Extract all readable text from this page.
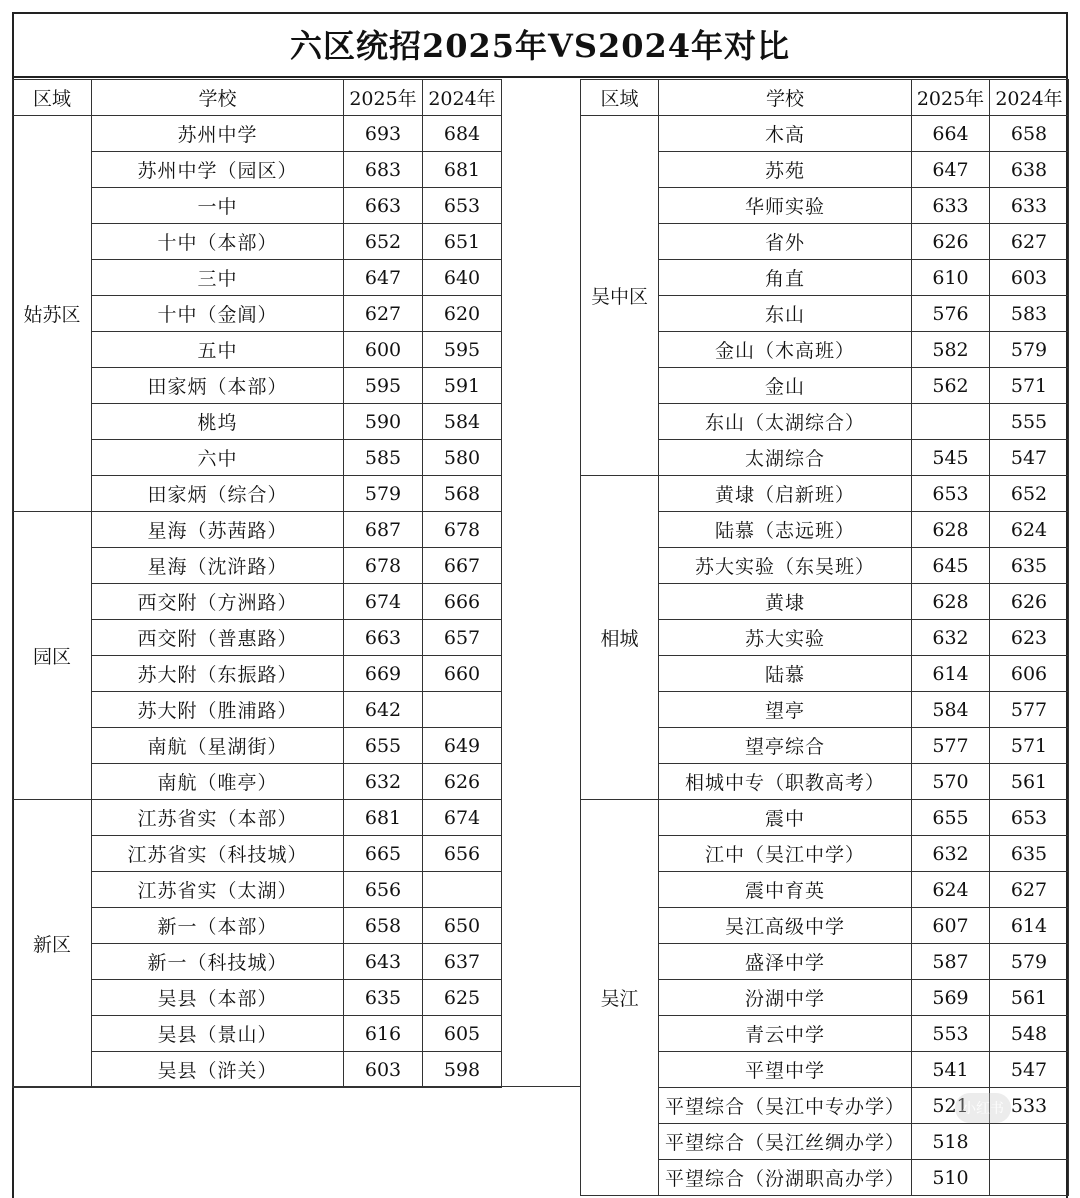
六区统招2025年VS2024年对比
区域	学校	2025年	2024年
姑苏区	苏州中学	693	684
	苏州中学（园区）	683	681
	一中	663	653
	十中（本部）	652	651
	三中	647	640
	十中（金阊）	627	620
	五中	600	595
	田家炳（本部）	595	591
	桃坞	590	584
	六中	585	580
	田家炳（综合）	579	568
园区	星海（苏茜路）	687	678
	星海（沈浒路）	678	667
	西交附（方洲路）	674	666
	西交附（普惠路）	663	657
	苏大附（东振路）	669	660
	苏大附（胜浦路）	642	
	南航（星湖街）	655	649
	南航（唯亭）	632	626
新区	江苏省实（本部）	681	674
	江苏省实（科技城）	665	656
	江苏省实（太湖）	656	
	新一（本部）	658	650
	新一（科技城）	643	637
	吴县（本部）	635	625
	吴县（景山）	616	605
	吴县（浒关）	603	598
区域	学校	2025年	2024年
吴中区	木高	664	658
	苏苑	647	638
	华师实验	633	633
	省外	626	627
	角直	610	603
	东山	576	583
	金山（木高班）	582	579
	金山	562	571
	东山（太湖综合）		555
	太湖综合	545	547
相城	黄埭（启新班）	653	652
	陆慕（志远班）	628	624
	苏大实验（东吴班）	645	635
	黄埭	628	626
	苏大实验	632	623
	陆慕	614	606
	望亭	584	577
	望亭综合	577	571
	相城中专（职教高考）	570	561
吴江	震中	655	653
	江中（吴江中学）	632	635
	震中育英	624	627
	吴江高级中学	607	614
	盛泽中学	587	579
	汾湖中学	569	561
	青云中学	553	548
	平望中学	541	547
	平望综合（吴江中专办学）	521	533
	平望综合（吴江丝绸办学）	518	
	平望综合（汾湖职高办学）	510	
小红书
